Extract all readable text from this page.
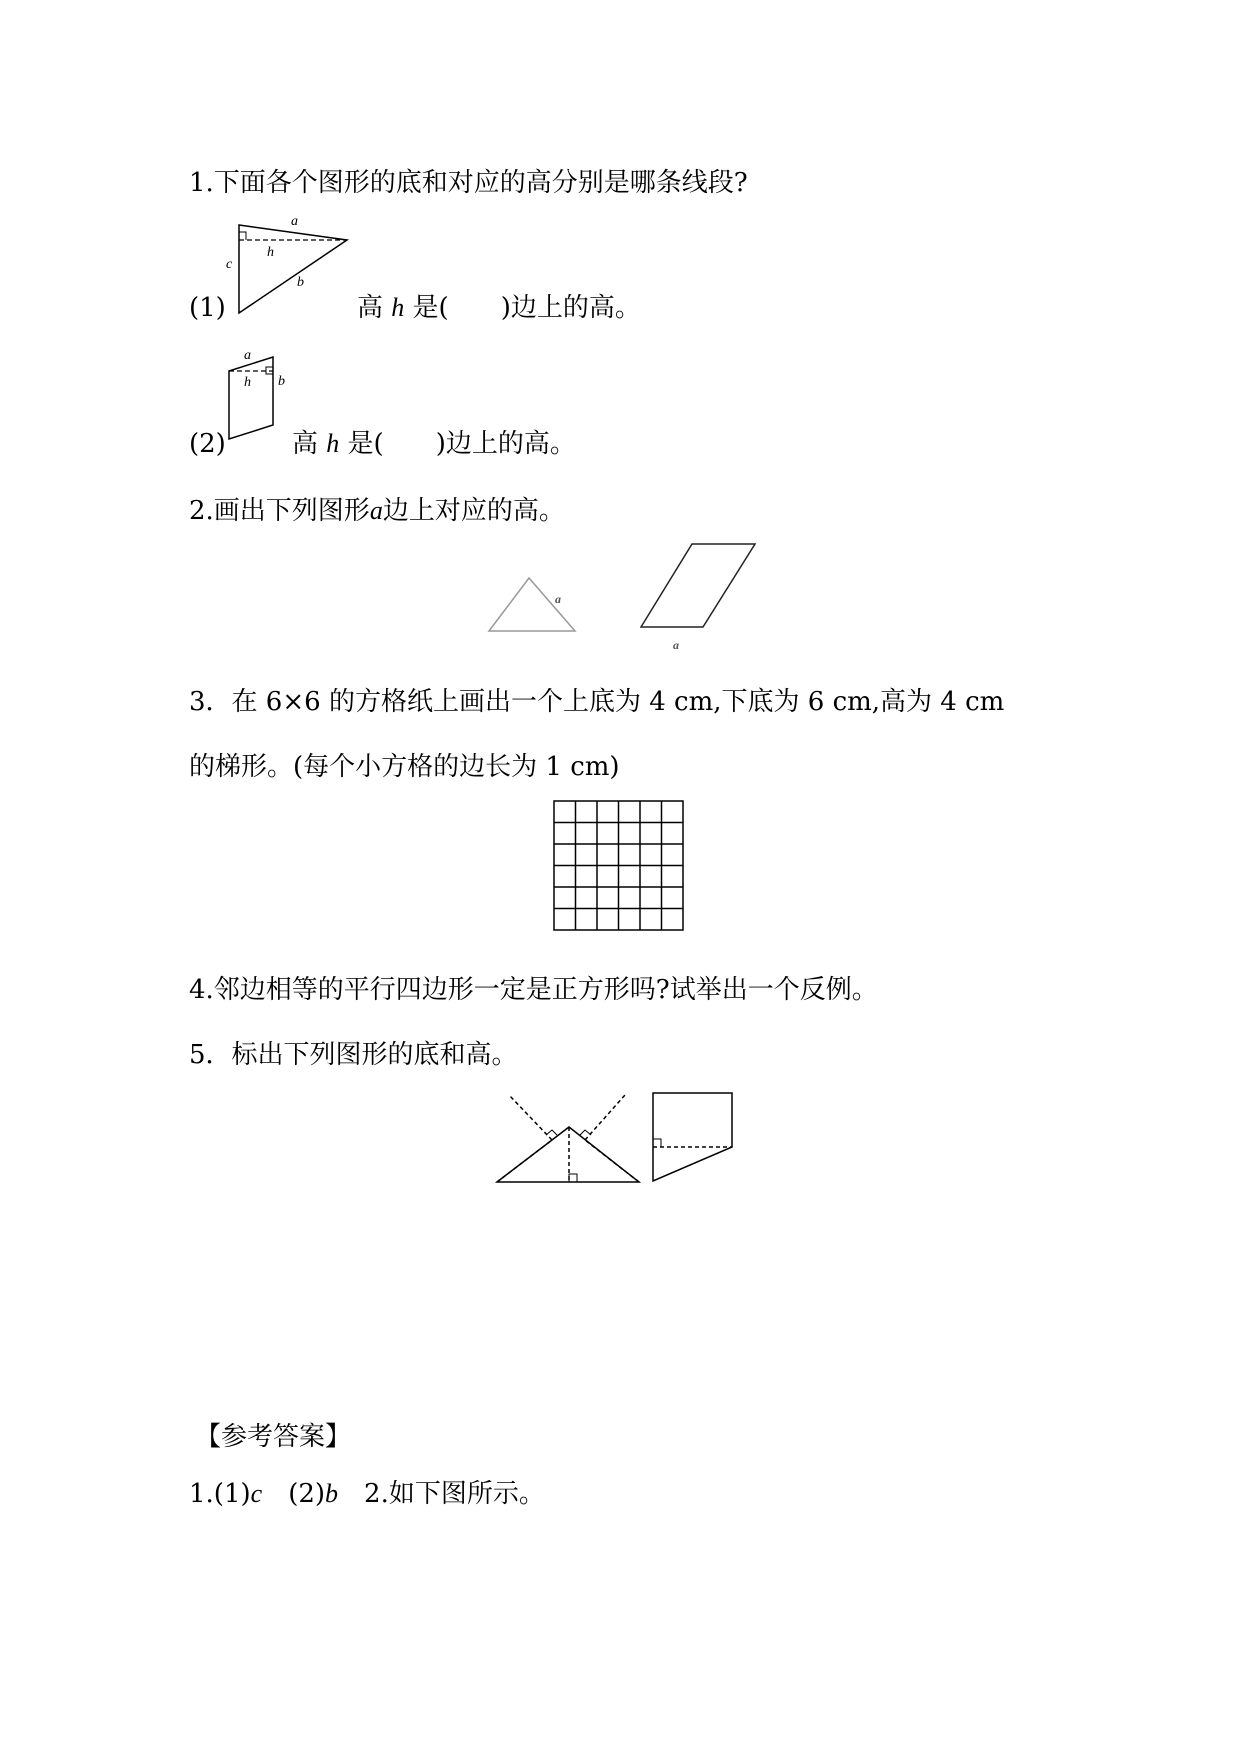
1.下面各个图形的底和对应的高分别是哪条线段?
a
h
c
b
(1)	高 h 是(　　)边上的高。
a
h b
(2)	高 h 是(　　)边上的高。
2.画出下列图形a边上对应的高。
a
a
3．在 6×6 的方格纸上画出一个上底为 4 cm,下底为 6 cm,高为 4 cm
的梯形。(每个小方格的边长为 1 cm)
4.邻边相等的平行四边形一定是正方形吗?试举出一个反例。
5．标出下列图形的底和高。
【参考答案】
1.(1)c　(2)b　2.如下图所示。
